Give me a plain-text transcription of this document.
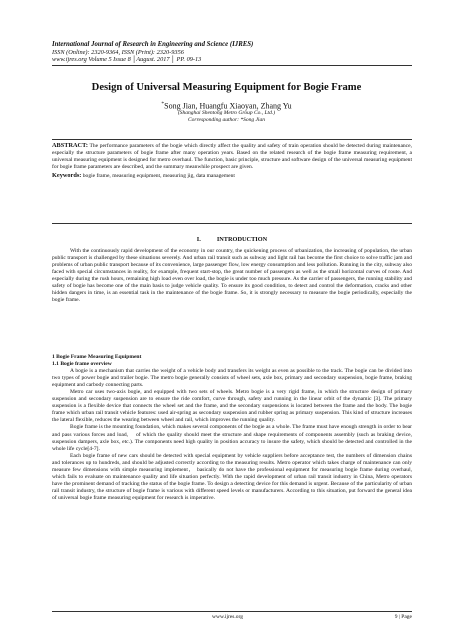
International Journal of Research in Engineering and Science (IJRES)
ISSN (Online): 2320-9364, ISSN (Print): 2320-9356
www.ijres.org Volume 5 Issue 8 │August. 2017 │ PP. 09-13
Design of Universal Measuring Equipment for Bogie Frame
*Song Jian, Huangfu Xiaoyan, Zhang Yu
(Shanghai Shentong Metro Group Co., Ltd.)
Corresponding author: *Song Jian

ABSTRACT: The performance parameters of the bogie which directly affect the quality and safety of train operation should be detected during maintenance, especially the structure parameters of bogie frame after many operation years. Based on the related research of the bogie frame measuring requirement, a universal measuring equipment is designed for metro overhaul. The function, basic principle, structure and software design of the universal measuring equipment for bogie frame parameters are described, and the summary meanwhile prospect are given.

Keywords: bogie frame, measuring equipment, measuring jig, data management

I.	INTRODUCTION

With the continuously rapid development of the economy in our country, the quickening process of urbanization, the increasing of population, the urban public transport is challenged by these situations severely. And urban rail transit such as subway and light rail has become the first choice to solve traffic jam and problems of urban public transport because of its convenience, large passenger flow, low energy consumption and less pollution. Running in the city, subway also faced with special circumstances in reality, for example, frequent start-stop, the great number of passengers as well as the small horizontal curves of route. And especially during the rush hours, remaining high load even over load, the bogie is under too much pressure. As the carrier of passengers, the running stability and safety of bogie has become one of the main basis to judge vehicle quality. To ensure its good condition, to detect and control the deformation, cracks and other hidden dangers in time, is an essential task in the maintenance of the bogie frame. So, it is strongly necessary to measure the bogie periodically, especially the bogie frame.

1 Bogie Frame Measuring Equipment

1.1 Bogie frame overview

A bogie is a mechanism that carries the weight of a vehicle body and transfers its weight as even as possible to the track. The bogie can be divided into two types of power bogie and trailer bogie. The metro bogie generally consists of wheel sets, axle box, primary and secondary suspension, bogie frame, braking equipment and carbody connecting parts.

Metro car uses two-axis bogie, and equipped with two sets of wheels. Metro bogie is a very rigid frame, in which the structure design of primary suspension and secondary suspension are to ensure the ride comfort, curve through, safety and running in the linear orbit of the dynamic [3]. The primary suspension is a flexible device that connects the wheel set and the frame, and the secondary suspensions is located between the frame and the body. The bogie frame which urban rail transit vehicle features: used air-spring as secondary suspension and rubber spring as primary suspension. This kind of structure increases the lateral flexible, reduces the wearing between wheel and rail, which improves the running quality.

Bogie frame is the mounting foundation, which makes several components of the bogie as a whole. The frame must have enough strength in order to bear and pass various forces and load, 　of which the quality should meet the structure and shape requirements of components assembly (such as braking device, suspension dampers, axle box, etc.). The components need high quality in position accuracy to insure the safety, which should be detected and controlled in the whole life cycle[4-7].

Each bogie frame of new cars should be detected with special equipment by vehicle suppliers before acceptance test, the numbers of dimension chains and tolerances up to hundreds, and should be adjusted correctly according to the measuring results. Metro operator which takes charge of maintenance can only measure few dimensions with simple measuring implement， basically do not have the professional equipment for measuring bogie frame during overhaul, which fails to evaluate on maintenance quality and life situation perfectly. With the rapid development of urban rail transit industry in China, Metro operators have the prominent demand of tracking the status of the bogie frame. To design a detecting device for this demand is urgent. Because of the particularity of urban rail transit industry, the structure of bogie frame is various with different speed levels or manufacturers. According to this situation, put forward the general idea of universal bogie frame measuring equipment for research is imperative.

www.ijres.org	9 | Page
